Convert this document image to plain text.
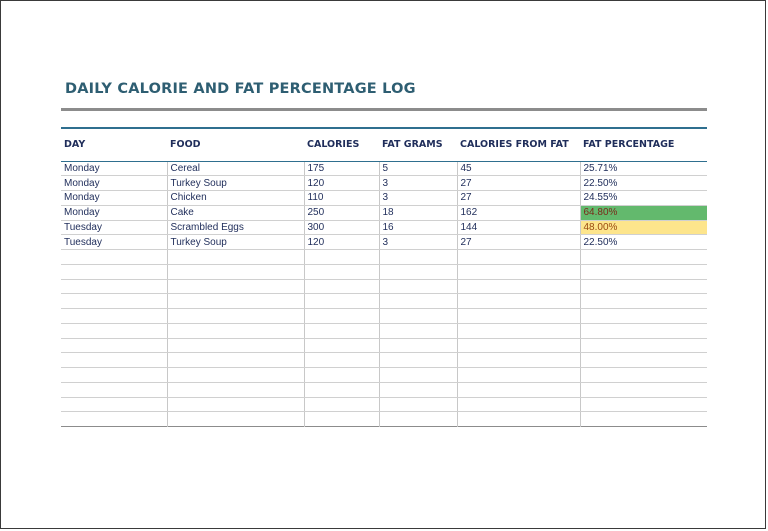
DAILY CALORIE AND FAT PERCENTAGE LOG
DAY	FOOD	CALORIES	FAT GRAMS	CALORIES FROM FAT	FAT PERCENTAGE
Monday	Cereal	175	5	45	25.71%
Monday	Turkey Soup	120	3	27	22.50%
Monday	Chicken	110	3	27	24.55%
Monday	Cake	250	18	162	64.80%
Tuesday	Scrambled Eggs	300	16	144	48.00%
Tuesday	Turkey Soup	120	3	27	22.50%
